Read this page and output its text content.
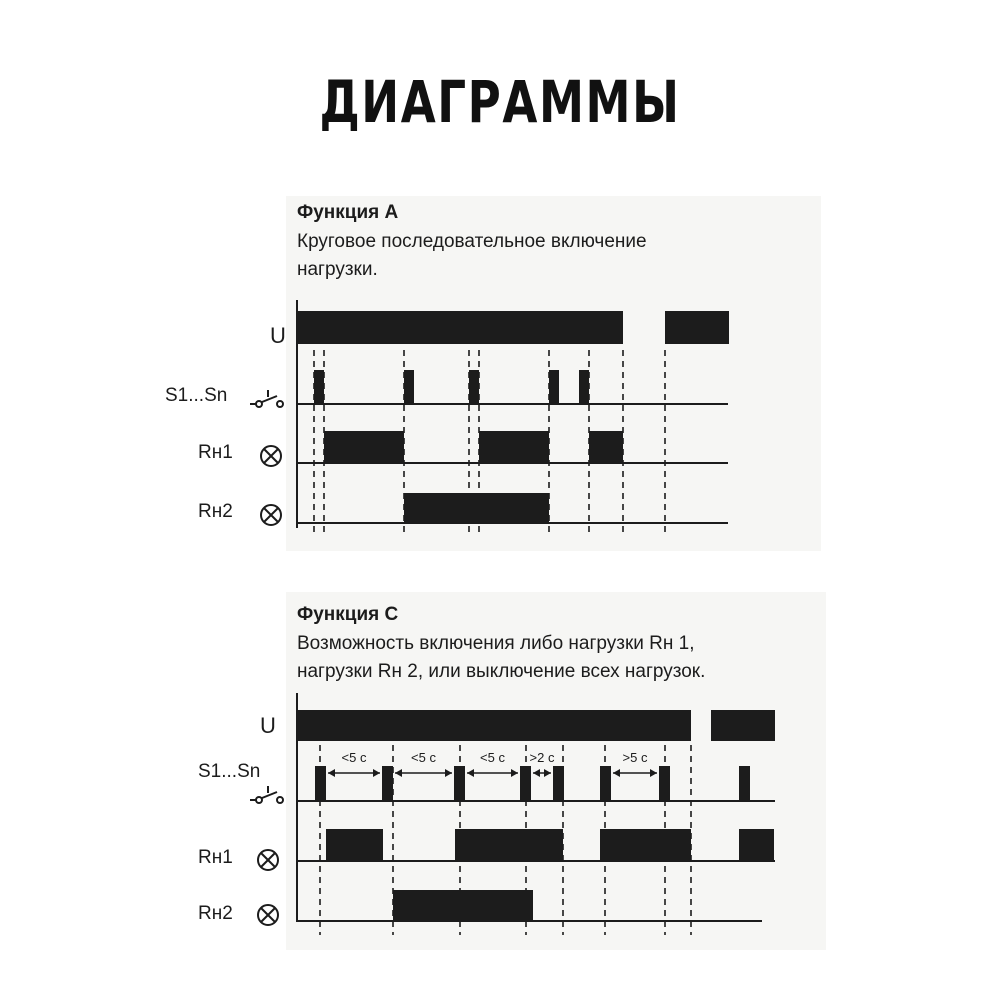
ДИАГРАММЫ
Функция А
Круговое последовательное включение
нагрузки.
U
S1...Sn
Rн1
Rн2
Функция С
Возможность включения либо нагрузки Rн 1,
нагрузки Rн 2, или выключение всех нагрузок.
U
S1...Sn
Rн1
Rн2
<5 с	<5 с	<5 с >2 с	>5 с
